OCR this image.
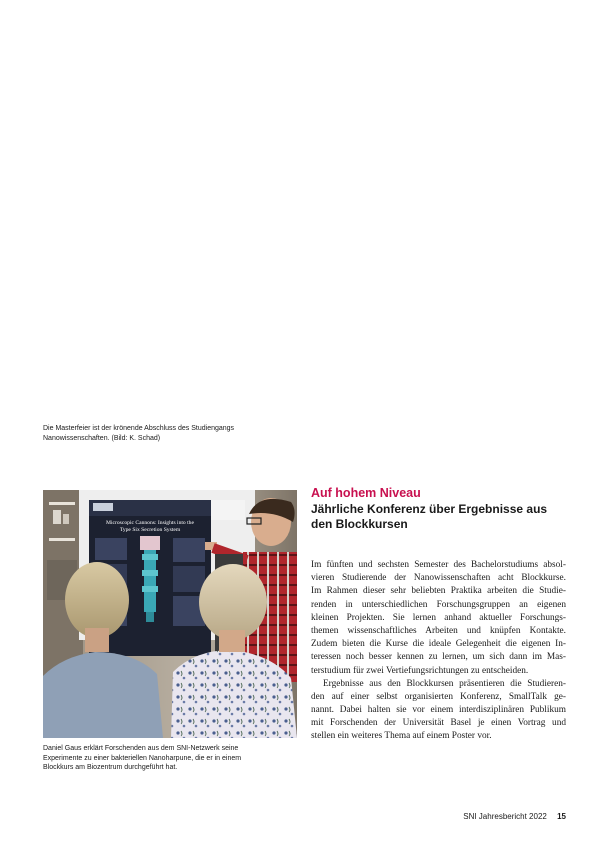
Die Masterfeier ist der krönende Abschluss des Studiengangs
Nanowissenschaften. (Bild: K. Schad)
Microscopic Cannons: Insights into the
Type Six Secretion System
Daniel Gaus erklärt Forschenden aus dem SNI-Netzwerk seine
Experimente zu einer bakteriellen Nanoharpune, die er in einem
Blockkurs am Biozentrum durchgeführt hat.
Auf hohem Niveau
Jährliche Konferenz über Ergebnisse aus
den Blockkursen
Im fünften und sechsten Semester des Bachelorstudiums absol-
vieren Studierende der Nanowissenschaften acht Blockkurse.
Im Rahmen dieser sehr beliebten Praktika arbeiten die Studie-
renden in unterschiedlichen Forschungsgruppen an eigenen
kleinen Projekten. Sie lernen anhand aktueller Forschungs-
themen wissenschaftliches Arbeiten und knüpfen Kontakte.
Zudem bieten die Kurse die ideale Gelegenheit die eigenen In-
teressen noch besser kennen zu lernen, um sich dann im Mas-
terstudium für zwei Vertiefungsrichtungen zu entscheiden.
Ergebnisse aus den Blockkursen präsentieren die Studieren-
den auf einer selbst organisierten Konferenz, SmallTalk ge-
nannt. Dabei halten sie vor einem interdisziplinären Publikum
mit Forschenden der Universität Basel je einen Vortrag und
stellen ein weiteres Thema auf einem Poster vor.
SNI Jahresbericht 2022 15
